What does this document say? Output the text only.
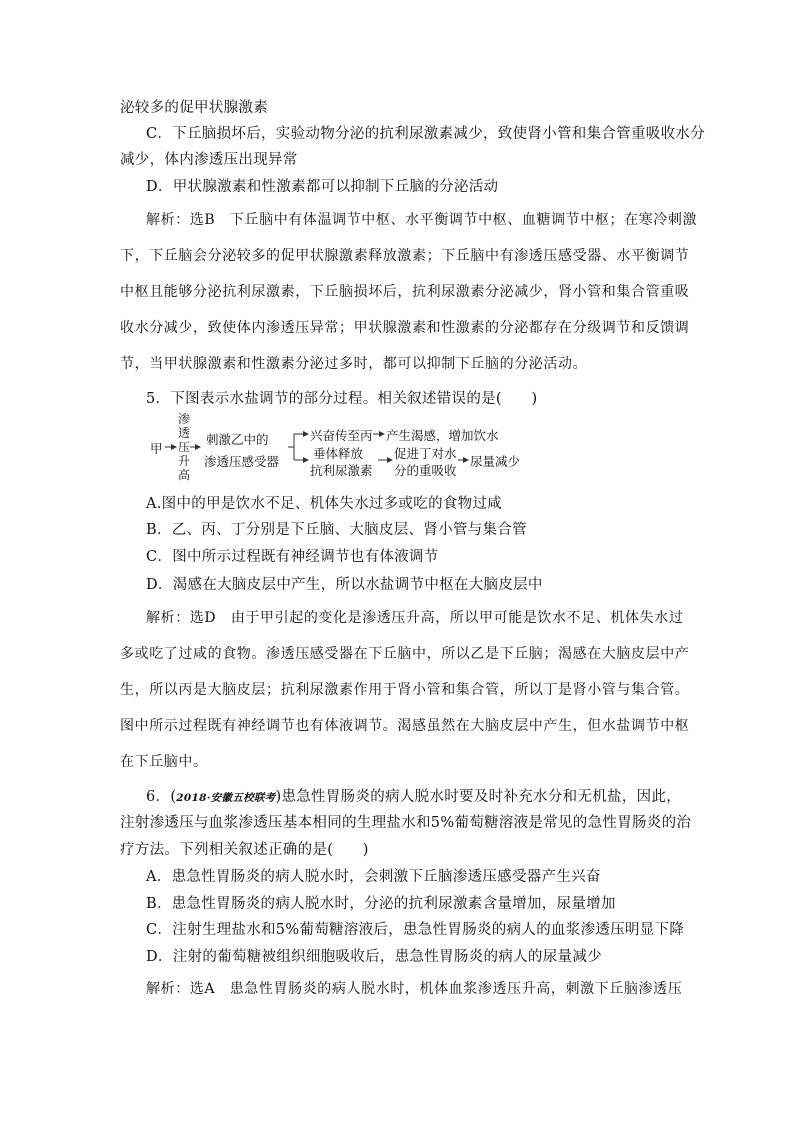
泌较多的促甲状腺激素
C．下丘脑损坏后，实验动物分泌的抗利尿激素减少，致使肾小管和集合管重吸收水分
减少，体内渗透压出现异常
D．甲状腺激素和性激素都可以抑制下丘脑的分泌活动
解析：选B　下丘脑中有体温调节中枢、水平衡调节中枢、血糖调节中枢；在寒冷刺激
下，下丘脑会分泌较多的促甲状腺激素释放激素；下丘脑中有渗透压感受器、水平衡调节
中枢且能够分泌抗利尿激素，下丘脑损坏后，抗利尿激素分泌减少，肾小管和集合管重吸
收水分减少，致使体内渗透压异常；甲状腺激素和性激素的分泌都存在分级调节和反馈调
节，当甲状腺激素和性激素分泌过多时，都可以抑制下丘脑的分泌活动。
5．下图表示水盐调节的部分过程。相关叙述错误的是(　　)
甲
渗
透
压
升
高
刺激乙中的
渗透压感受器
兴奋传至丙 产生渴感，增加饮水
垂体释放
抗利尿激素
促进丁对水
分的重吸收
尿量减少
A.图中的甲是饮水不足、机体失水过多或吃的食物过咸
B．乙、丙、丁分别是下丘脑、大脑皮层、肾小管与集合管
C．图中所示过程既有神经调节也有体液调节
D．渴感在大脑皮层中产生，所以水盐调节中枢在大脑皮层中
解析：选D　由于甲引起的变化是渗透压升高，所以甲可能是饮水不足、机体失水过
多或吃了过咸的食物。渗透压感受器在下丘脑中，所以乙是下丘脑；渴感在大脑皮层中产
生，所以丙是大脑皮层；抗利尿激素作用于肾小管和集合管，所以丁是肾小管与集合管。
图中所示过程既有神经调节也有体液调节。渴感虽然在大脑皮层中产生，但水盐调节中枢
在下丘脑中。
6．(2018·安徽五校联考)患急性胃肠炎的病人脱水时要及时补充水分和无机盐，因此，
注射渗透压与血浆渗透压基本相同的生理盐水和5%葡萄糖溶液是常见的急性胃肠炎的治
疗方法。下列相关叙述正确的是(　　)
A．患急性胃肠炎的病人脱水时，会刺激下丘脑渗透压感受器产生兴奋
B．患急性胃肠炎的病人脱水时，分泌的抗利尿激素含量增加，尿量增加
C．注射生理盐水和5%葡萄糖溶液后，患急性胃肠炎的病人的血浆渗透压明显下降
D．注射的葡萄糖被组织细胞吸收后，患急性胃肠炎的病人的尿量减少
解析：选A　患急性胃肠炎的病人脱水时，机体血浆渗透压升高，刺激下丘脑渗透压
